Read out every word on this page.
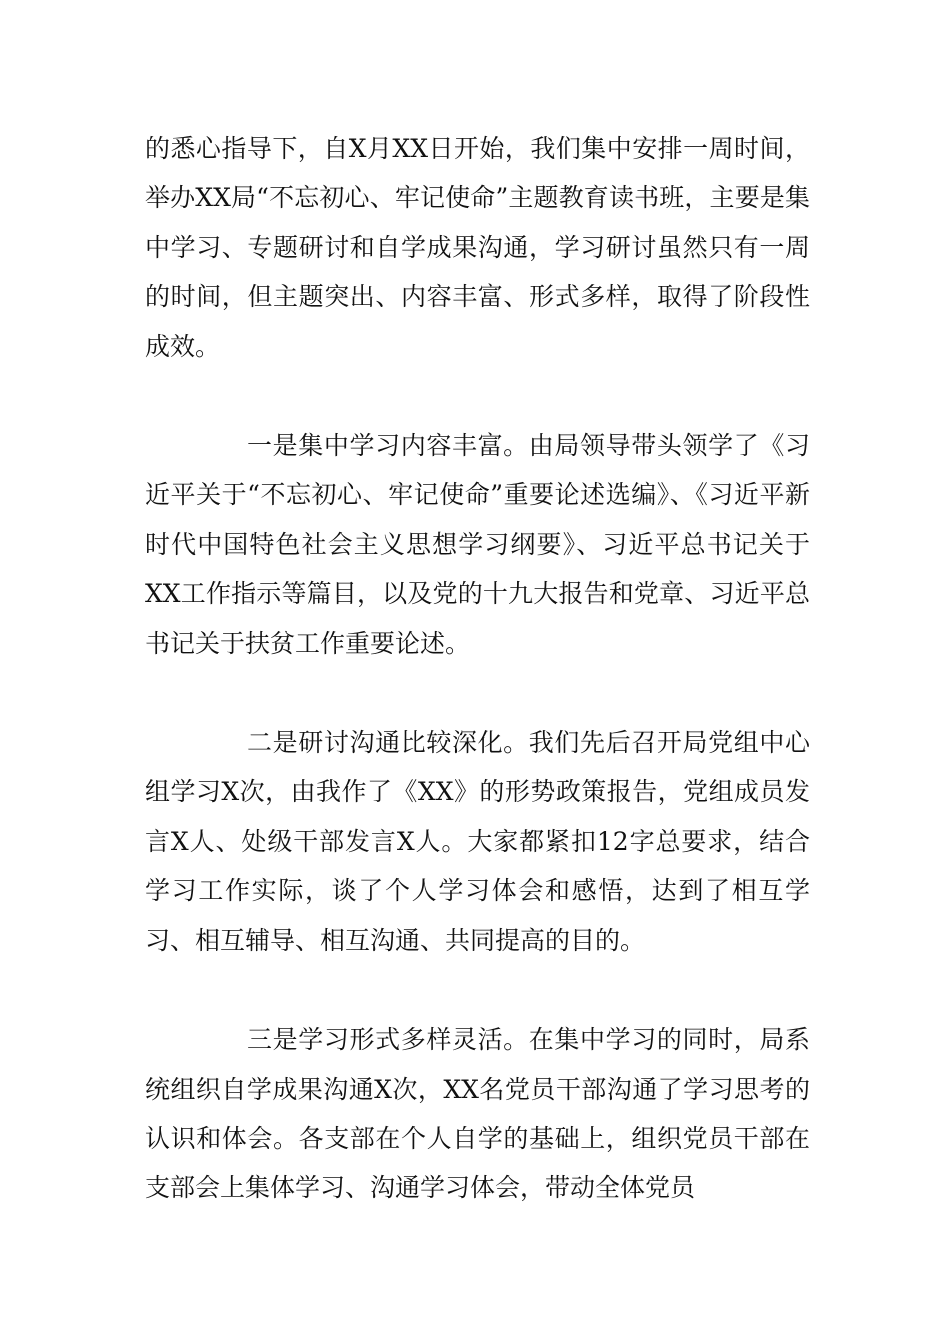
的悉心指导下，自X月XX日开始，我们集中安排一周时间，举办XX局“不忘初心、牢记使命”主题教育读书班，主要是集中学习、专题研讨和自学成果沟通，学习研讨虽然只有一周的时间，但主题突出、内容丰富、形式多样，取得了阶段性成效。

一是集中学习内容丰富。由局领导带头领学了《习近平关于“不忘初心、牢记使命”重要论述选编》、《习近平新时代中国特色社会主义思想学习纲要》、习近平总书记关于XX工作指示等篇目，以及党的十九大报告和党章、习近平总书记关于扶贫工作重要论述。

二是研讨沟通比较深化。我们先后召开局党组中心组学习X次，由我作了《XX》的形势政策报告，党组成员发言X人、处级干部发言X人。大家都紧扣12字总要求，结合学习工作实际，谈了个人学习体会和感悟，达到了相互学习、相互辅导、相互沟通、共同提高的目的。

三是学习形式多样灵活。在集中学习的同时，局系统组织自学成果沟通X次，XX名党员干部沟通了学习思考的认识和体会。各支部在个人自学的基础上，组织党员干部在支部会上集体学习、沟通学习体会，带动全体党员
